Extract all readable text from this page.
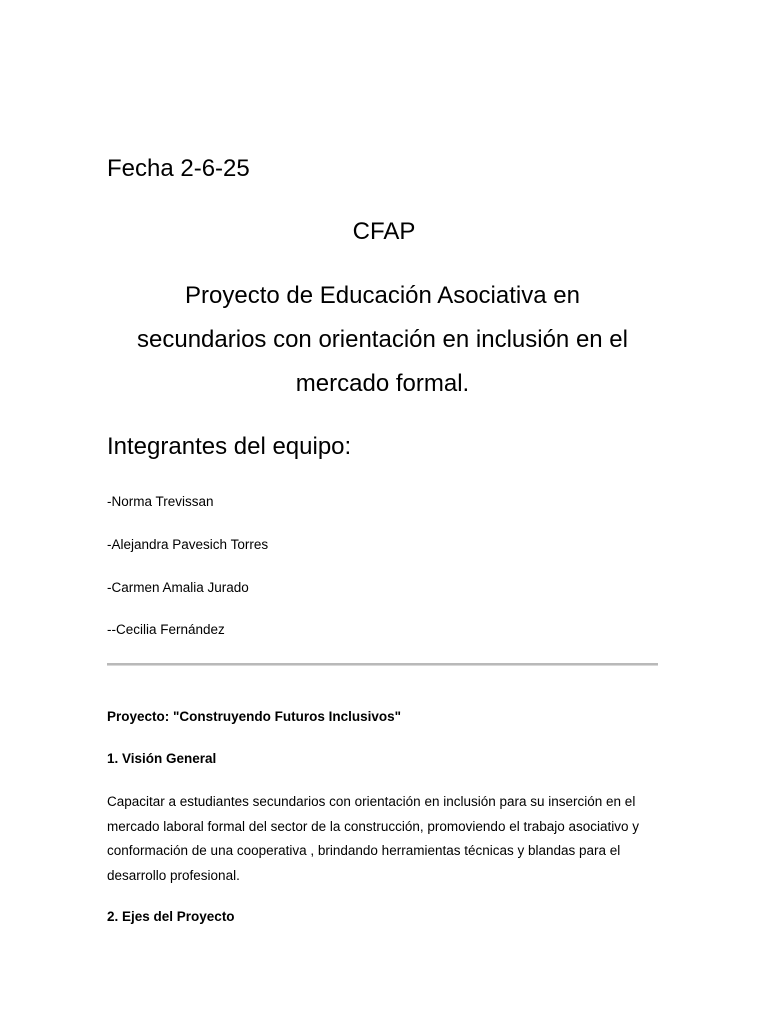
Fecha 2-6-25

CFAP

Proyecto de Educación Asociativa en
secundarios con orientación en inclusión en el
mercado formal.

Integrantes del equipo:

-Norma Trevissan

-Alejandra Pavesich Torres

-Carmen Amalia Jurado

--Cecilia Fernández

Proyecto: "Construyendo Futuros Inclusivos"

1. Visión General

Capacitar a estudiantes secundarios con orientación en inclusión para su inserción en el
mercado laboral formal del sector de la construcción, promoviendo el trabajo asociativo y
conformación de una cooperativa , brindando herramientas técnicas y blandas para el
desarrollo profesional.

2. Ejes del Proyecto
